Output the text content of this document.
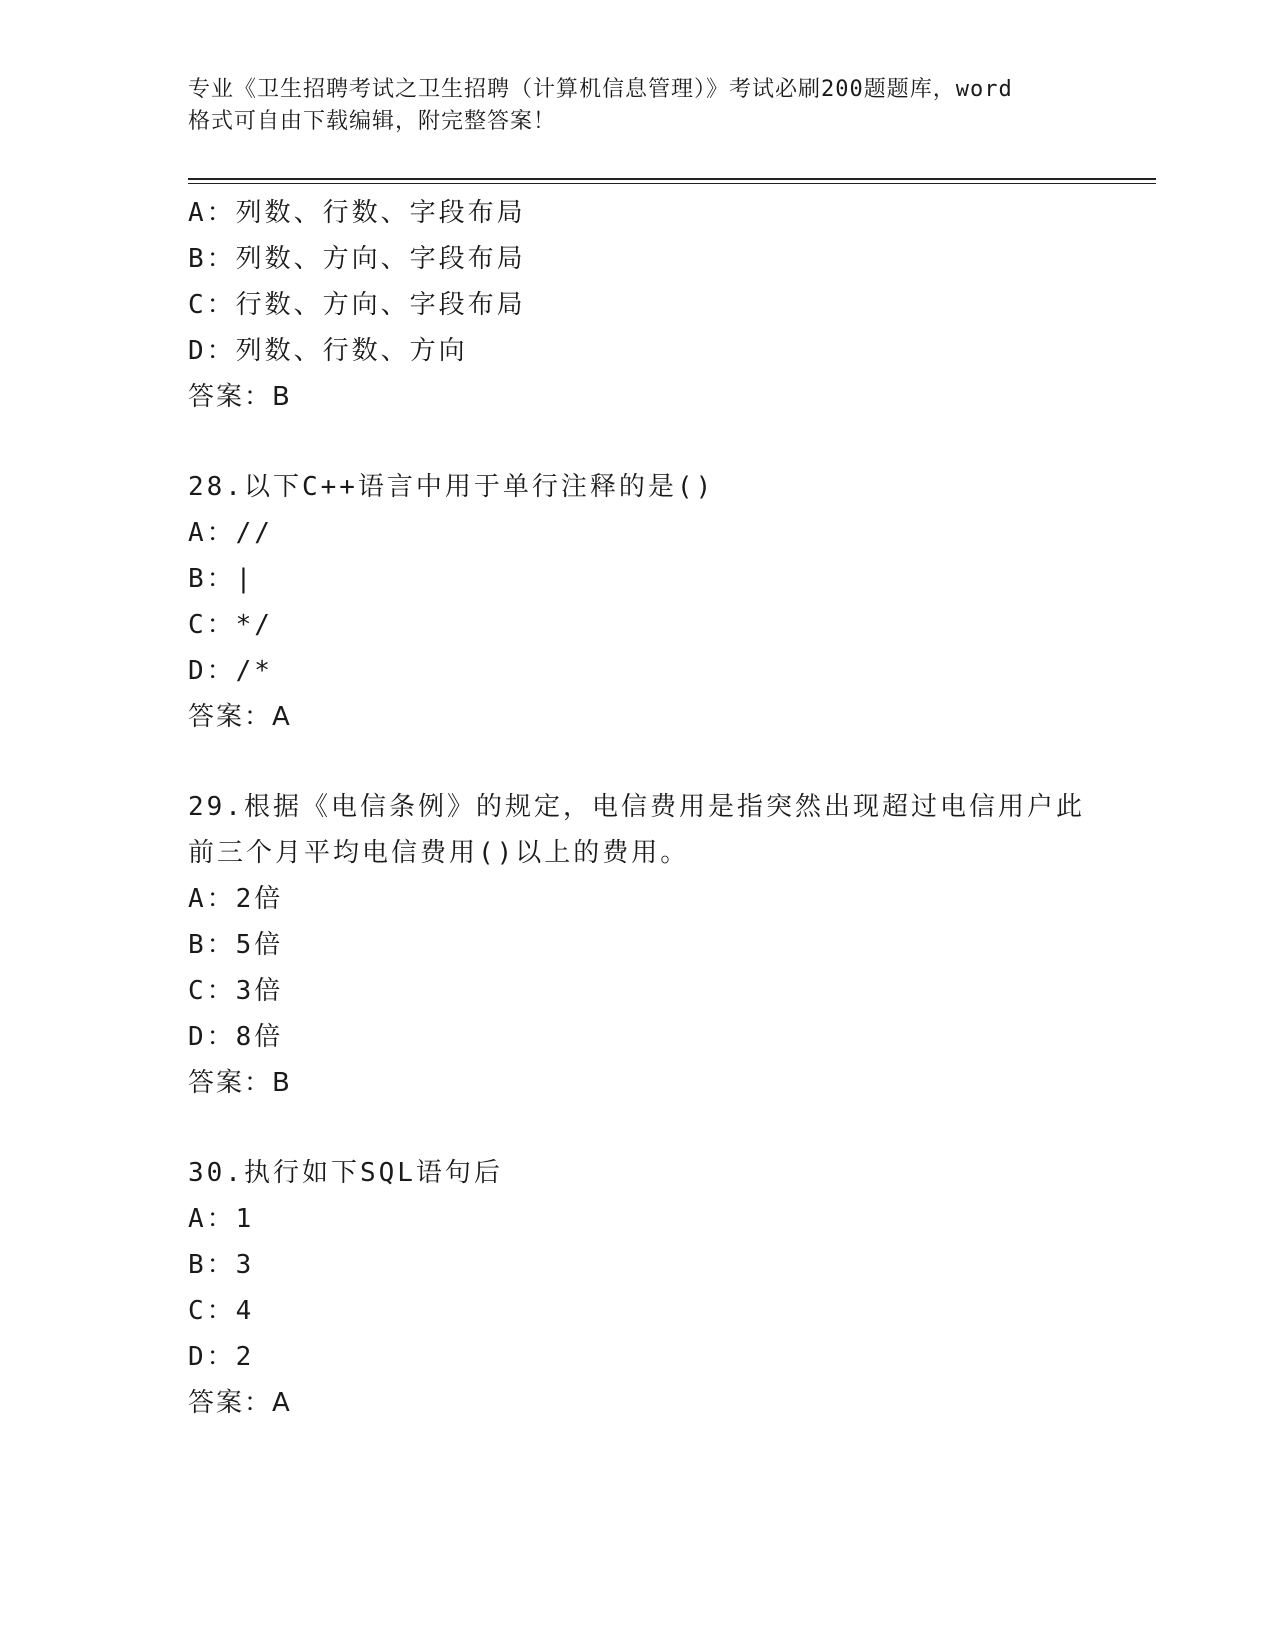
专业《卫生招聘考试之卫生招聘（计算机信息管理）》考试必刷200题题库，word
格式可自由下载编辑，附完整答案！
A：列数、行数、字段布局
B：列数、方向、字段布局
C：行数、方向、字段布局
D：列数、行数、方向
答案：B
28.以下C++语言中用于单行注释的是()
A：//
B：|
C：*/
D：/*
答案：A
29.根据《电信条例》的规定，电信费用是指突然出现超过电信用户此
前三个月平均电信费用()以上的费用。
A：2倍
B：5倍
C：3倍
D：8倍
答案：B
30.执行如下SQL语句后
A：1
B：3
C：4
D：2
答案：A
